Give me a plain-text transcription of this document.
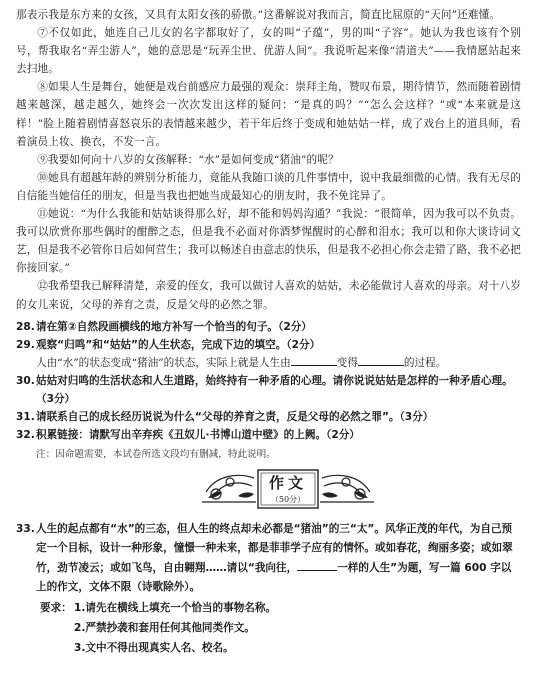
那表示我是东方来的女孩，又具有太阳女孩的骄傲。”这番解说对我而言，简直比屈原的“天问”还难懂。

⑦不仅如此，她连自己儿女的名字都取好了，女的叫“子蕴”，男的叫“子容”。她认为我也该有个别号，帮我取名“弄尘游人”，她的意思是“玩弄尘世、优游人间”。我说听起来像“清道夫”——我情愿站起来去扫地。

⑧如果人生是舞台，她便是戏台前感应力最强的观众：崇拜主角，赞叹布景，期待情节，然而随着剧情越来越深，越走越久，她终会一次次发出这样的疑问：“是真的吗？”“怎么会这样？”或“本来就是这样！”脸上随着剧情喜怒哀乐的表情越来越少，若干年后终于变成和她姑姑一样，成了戏台上的道具师，看着演员上妆、换衣，不发一言。

⑨我要如何向十八岁的女孩解释：“水”是如何变成“猪油”的呢？

⑩她具有超越年龄的辨别分析能力，竟能从我随口谈的几件事情中，说中我最细微的心情。我有无尽的自信能当她信任的朋友，但是当我也把她当成最知心的朋友时，我不免诧异了。

⑪她说：“为什么我能和姑姑谈得那么好，却不能和妈妈沟通？”我说：“很简单，因为我可以不负责。我可以欣赏你那些偶时的酣醉之态，但是我不必面对你酒梦惺醒时的心醉和泪水；我可以和你大谈诗词文艺，但是我不必管你日后如何营生；我可以畅述自由意志的快乐，但是我不必担心你会走错了路，我不必把你接回家。”

⑫我希望我已解释清楚，亲爱的侄女，我可以做讨人喜欢的姑姑，未必能做讨人喜欢的母亲。对十八岁的女儿来说，父母的养育之责，反是父母的必然之罪。

28.请在第②自然段画横线的地方补写一个恰当的句子。（2分）

29.观察“归鸣”和“姑姑”的人生状态，完成下边的填空。（2分）

人由“水”的状态变成“猪油”的状态，实际上就是人生由	变得	的过程。

30.姑姑对归鸣的生活状态和人生道路，始终持有一种矛盾的心理。请你说说姑姑是怎样的一种矛盾心理。（3分）

31.请联系自己的成长经历说说为什么“父母的养育之责，反是父母的必然之罪”。（3分）

32.积累链接：请默写出辛弃疾《丑奴儿·书博山道中壁》的上阙。（2分）

注：因命题需要，本试卷所选文段均有删减，特此说明。

作文
（50分）

33.人生的起点都有“水”的三态，但人生的终点却未必都是“猪油”的三“太”。风华正茂的年代，为自己预定一个目标，设计一种形象，憧憬一种未来，都是菲菲学子应有的情怀。或如春花，绚丽多姿；或如翠竹，劲节凌云；或如飞鸟，自由翱翔……请以“我向往，	一样的人生”为题，写一篇 600 字以上的作文，文体不限（诗歌除外）。

要求： 1.请先在横线上填充一个恰当的事物名称。

2.严禁抄袭和套用任何其他同类作文。

3.文中不得出现真实人名、校名。
